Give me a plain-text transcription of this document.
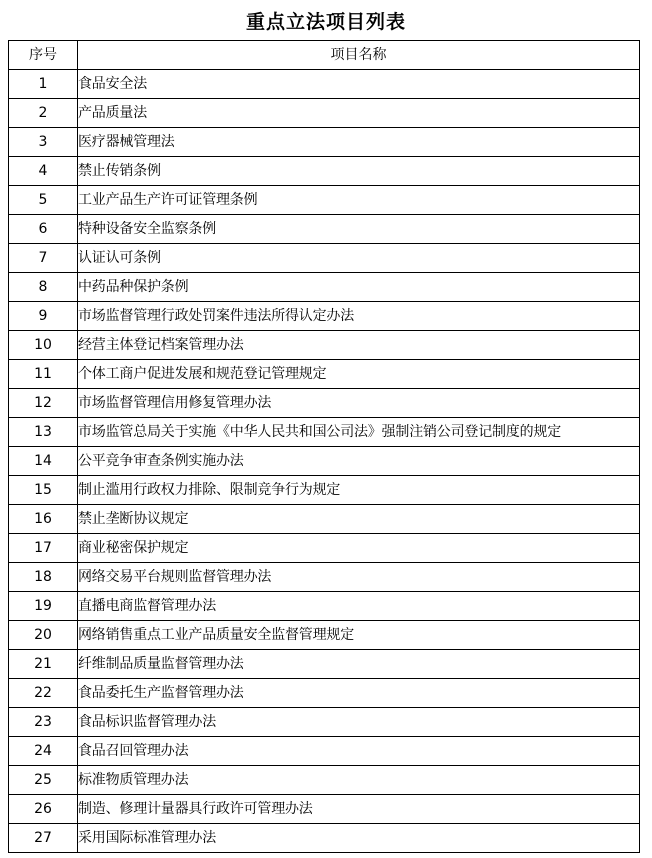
重点立法项目列表
序号	项目名称
1	食品安全法
2	产品质量法
3	医疗器械管理法
4	禁止传销条例
5	工业产品生产许可证管理条例
6	特种设备安全监察条例
7	认证认可条例
8	中药品种保护条例
9	市场监督管理行政处罚案件违法所得认定办法
10	经营主体登记档案管理办法
11	个体工商户促进发展和规范登记管理规定
12	市场监督管理信用修复管理办法
13	市场监管总局关于实施《中华人民共和国公司法》强制注销公司登记制度的规定
14	公平竞争审查条例实施办法
15	制止滥用行政权力排除、限制竞争行为规定
16	禁止垄断协议规定
17	商业秘密保护规定
18	网络交易平台规则监督管理办法
19	直播电商监督管理办法
20	网络销售重点工业产品质量安全监督管理规定
21	纤维制品质量监督管理办法
22	食品委托生产监督管理办法
23	食品标识监督管理办法
24	食品召回管理办法
25	标准物质管理办法
26	制造、修理计量器具行政许可管理办法
27	采用国际标准管理办法
